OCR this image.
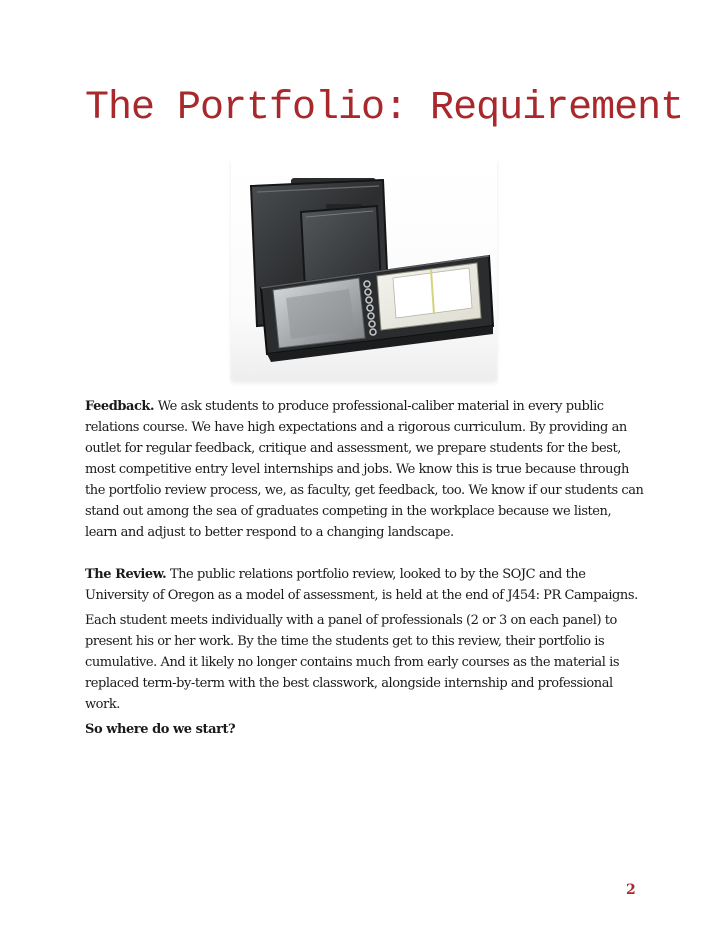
The Portfolio: Requirement

Feedback. We ask students to produce professional-caliber material in every public relations course. We have high expectations and a rigorous curriculum. By providing an outlet for regular feedback, critique and assessment, we prepare students for the best, most competitive entry level internships and jobs. We know this is true because through the portfolio review process, we, as faculty, get feedback, too. We know if our students can stand out among the sea of graduates competing in the workplace because we listen, learn and adjust to better respond to a changing landscape.

The Review. The public relations portfolio review, looked to by the SOJC and the University of Oregon as a model of assessment, is held at the end of J454: PR Campaigns.

Each student meets individually with a panel of professionals (2 or 3 on each panel) to present his or her work. By the time the students get to this review, their portfolio is cumulative. And it likely no longer contains much from early courses as the material is replaced term-by-term with the best classwork, alongside internship and professional work.

So where do we start?

2
